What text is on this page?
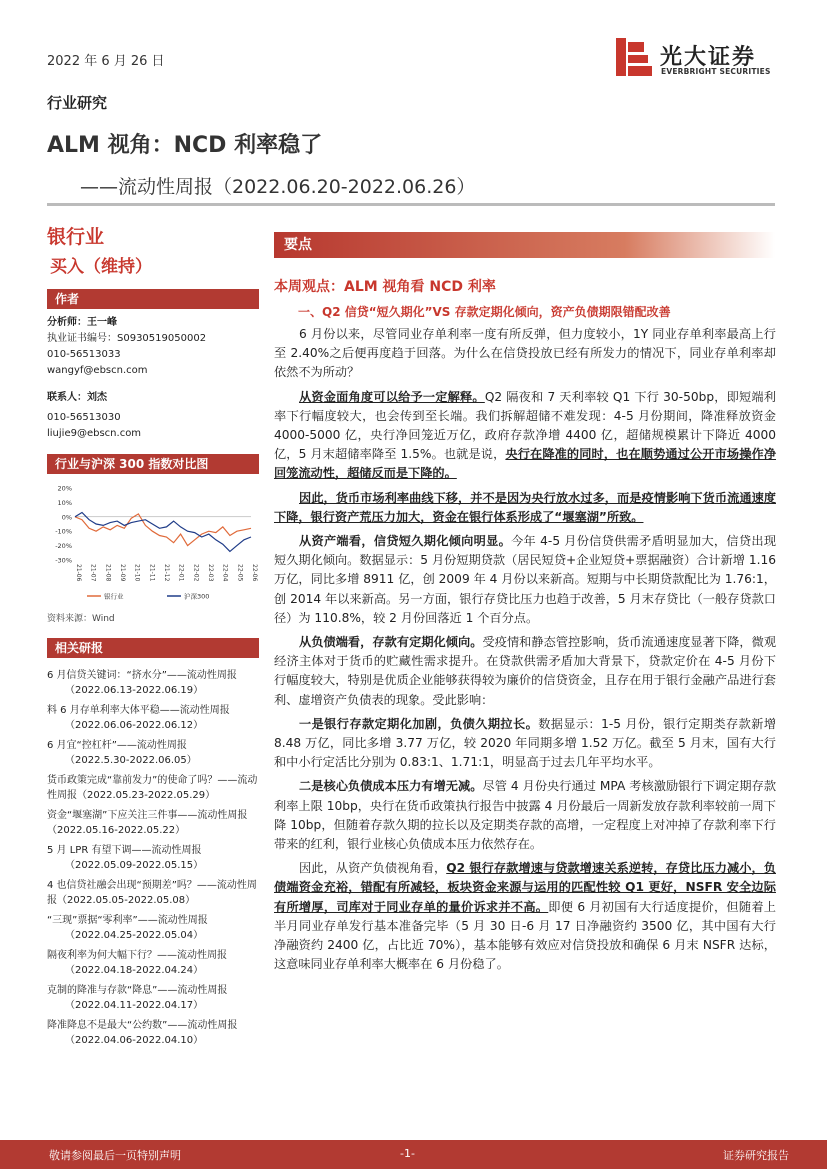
2022 年 6 月 26 日	光大证券
EVERBRIGHT SECURITIES
行业研究
ALM 视角：NCD 利率稳了
——流动性周报（2022.06.20-2022.06.26）
银行业
买入（维持）
作者
分析师：王一峰
执业证书编号：S0930519050002
010-56513033
wangyf@ebscn.com
联系人：刘杰
010-56513030
liujie9@ebscn.com
行业与沪深 300 指数对比图
20%
10%
0%
-10%
-20%
-30%
21-06 21-07 21-08 21-09 21-10 21-11 21-12 22-01 22-02 22-03 22-04 22-05 22-06
银行业	沪深300
资料来源：Wind
相关研报
6 月信贷关键词：“挤水分”——流动性周报
（2022.06.13-2022.06.19）
料 6 月存单利率大体平稳——流动性周报
（2022.06.06-2022.06.12）
6 月宜“控杠杆”——流动性周报
（2022.5.30-2022.06.05）
货币政策完成“靠前发力”的使命了吗？——流动性周报（2022.05.23-2022.05.29）
资金“堰塞湖”下应关注三件事——流动性周报（2022.05.16-2022.05.22）
5 月 LPR 有望下调——流动性周报
（2022.05.09-2022.05.15）
4 也信贷社融会出现“预期差”吗？——流动性周报（2022.05.05-2022.05.08）
“三现”票据“零利率”——流动性周报
（2022.04.25-2022.05.04）
隔夜利率为何大幅下行？——流动性周报
（2022.04.18-2022.04.24）
克制的降准与存款“降息”——流动性周报
（2022.04.11-2022.04.17）
降准降息不是最大“公约数”——流动性周报
（2022.04.06-2022.04.10）
要点
本周观点：ALM 视角看 NCD 利率
一、Q2 信贷“短久期化”VS 存款定期化倾向，资产负债期限错配改善

6 月份以来，尽管同业存单利率一度有所反弹，但力度较小，1Y 同业存单利率最高上行至 2.40%之后便再度趋于回落。为什么在信贷投放已经有所发力的情况下，同业存单利率却依然不为所动？

从资金面角度可以给予一定解释。Q2 隔夜和 7 天利率较 Q1 下行 30-50bp，即短端利率下行幅度较大，也会传到至长端。我们拆解超储不难发现：4-5 月份期间，降准释放资金 4000-5000 亿，央行净回笼近万亿，政府存款净增 4400 亿，超储规模累计下降近 4000 亿，5 月末超储率降至 1.5%。也就是说，央行在降准的同时，也在顺势通过公开市场操作净回笼流动性，超储反而是下降的。

因此，货币市场利率曲线下移，并不是因为央行放水过多，而是疫情影响下货币流通速度下降，银行资产荒压力加大，资金在银行体系形成了“堰塞湖”所致。

从资产端看，信贷短久期化倾向明显。今年 4-5 月份信贷供需矛盾明显加大，信贷出现短久期化倾向。数据显示：5 月份短期贷款（居民短贷+企业短贷+票据融资）合计新增 1.16 万亿，同比多增 8911 亿，创 2009 年 4 月份以来新高。短期与中长期贷款配比为 1.76:1，创 2014 年以来新高。另一方面，银行存贷比压力也趋于改善，5 月末存贷比（一般存贷款口径）为 110.8%，较 2 月份回落近 1 个百分点。

从负债端看，存款有定期化倾向。受疫情和静态管控影响，货币流通速度显著下降，微观经济主体对于货币的贮藏性需求提升。在贷款供需矛盾加大背景下，贷款定价在 4-5 月份下行幅度较大，特别是优质企业能够获得较为廉价的信贷资金，且存在用于银行金融产品进行套利、虚增资产负债表的现象。受此影响：

一是银行存款定期化加剧，负债久期拉长。数据显示：1-5 月份，银行定期类存款新增 8.48 万亿，同比多增 3.77 万亿，较 2020 年同期多增 1.52 万亿。截至 5 月末，国有大行和中小行定活比分别为 0.83:1、1.71:1，明显高于过去几年平均水平。

二是核心负债成本压力有增无减。尽管 4 月份央行通过 MPA 考核激励银行下调定期存款利率上限 10bp，央行在货币政策执行报告中披露 4 月份最后一周新发放存款利率较前一周下降 10bp，但随着存款久期的拉长以及定期类存款的高增，一定程度上对冲掉了存款利率下行带来的红利，银行业核心负债成本压力依然存在。

因此，从资产负债视角看，Q2 银行存款增速与贷款增速关系逆转，存贷比压力减小，负债端资金充裕，错配有所减轻，板块资金来源与运用的匹配性较 Q1 更好，NSFR 安全边际有所增厚，司库对于同业存单的量价诉求并不高。即便 6 月初国有大行适度提价，但随着上半月同业存单发行基本准备完毕（5 月 30 日-6 月 17 日净融资约 3500 亿，其中国有大行净融资约 2400 亿，占比近 70%），基本能够有效应对信贷投放和确保 6 月末 NSFR 达标，这意味同业存单利率大概率在 6 月份稳了。

敬请参阅最后一页特别声明	-1-	证券研究报告
